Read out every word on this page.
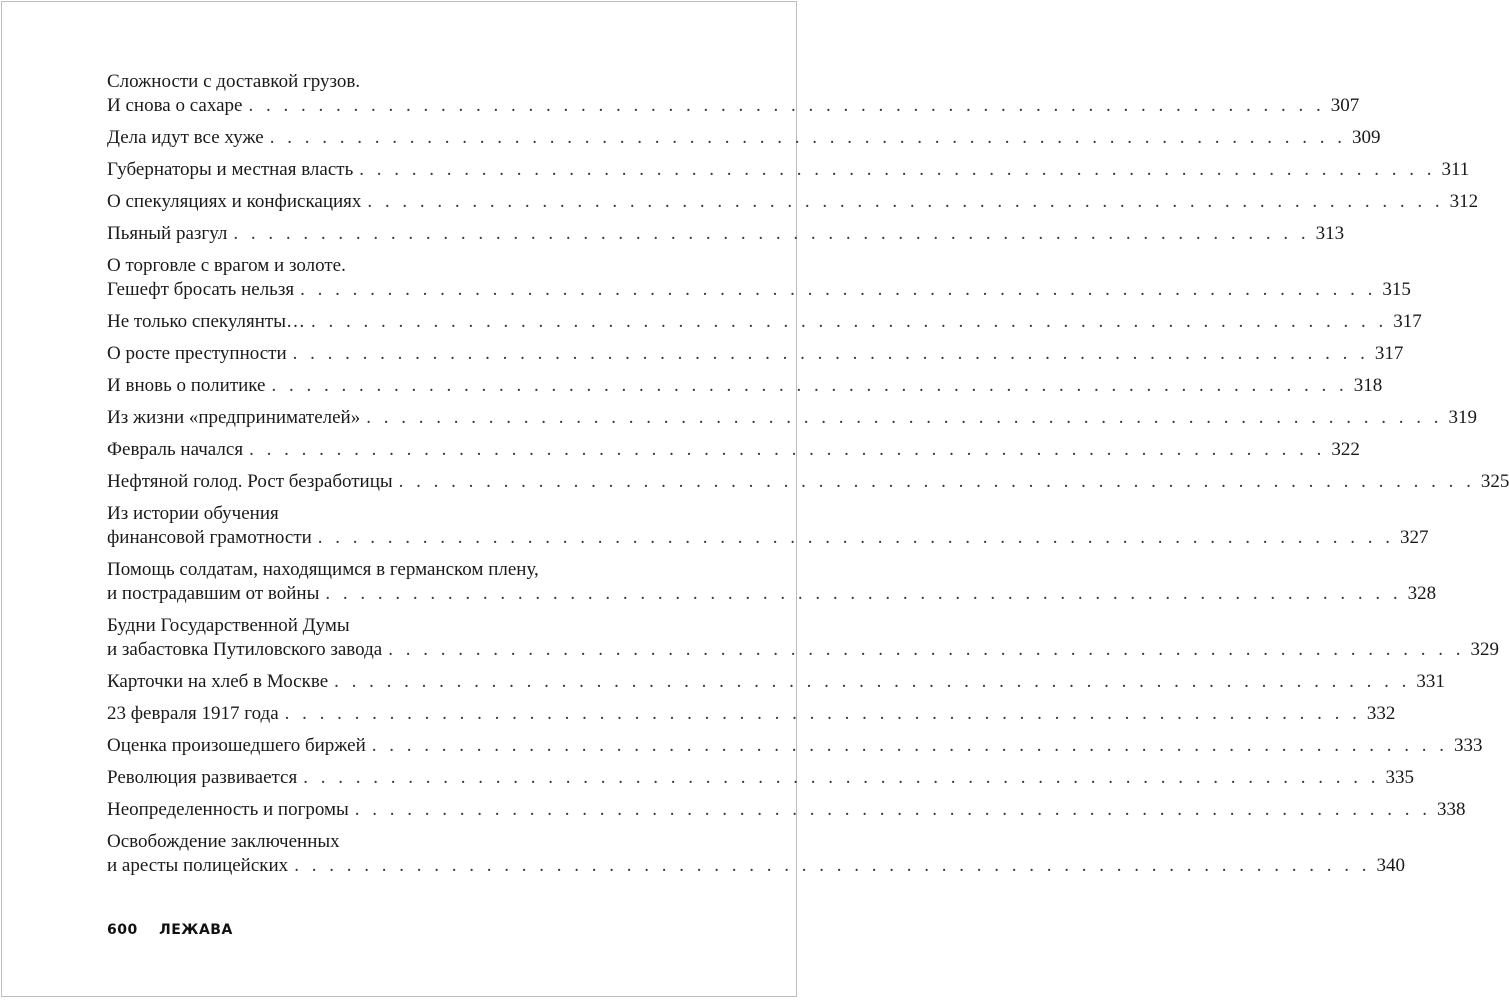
Сложности с доставкой грузов.
И снова о сахаре . . . . . . . . . . . . . . . . . . . . . . . . . . . . . . . . . . . . . . . . . . . . . . . . . . . . . . . . . . . . . . 307
Дела идут все хуже . . . . . . . . . . . . . . . . . . . . . . . . . . . . . . . . . . . . . . . . . . . . . . . . . . . . . . . . . . . . . . 309
Губернаторы и местная власть . . . . . . . . . . . . . . . . . . . . . . . . . . . . . . . . . . . . . . . . . . . . . . . . . . . . . . . . . . . . . . 311
О спекуляциях и конфискациях . . . . . . . . . . . . . . . . . . . . . . . . . . . . . . . . . . . . . . . . . . . . . . . . . . . . . . . . . . . . . . 312
Пьяный разгул . . . . . . . . . . . . . . . . . . . . . . . . . . . . . . . . . . . . . . . . . . . . . . . . . . . . . . . . . . . . . . 313
О торговле с врагом и золоте.
Гешефт бросать нельзя . . . . . . . . . . . . . . . . . . . . . . . . . . . . . . . . . . . . . . . . . . . . . . . . . . . . . . . . . . . . . . 315
Не только спекулянты… . . . . . . . . . . . . . . . . . . . . . . . . . . . . . . . . . . . . . . . . . . . . . . . . . . . . . . . . . . . . . . 317
О росте преступности . . . . . . . . . . . . . . . . . . . . . . . . . . . . . . . . . . . . . . . . . . . . . . . . . . . . . . . . . . . . . . 317
И вновь о политике . . . . . . . . . . . . . . . . . . . . . . . . . . . . . . . . . . . . . . . . . . . . . . . . . . . . . . . . . . . . . . 318
Из жизни «предпринимателей» . . . . . . . . . . . . . . . . . . . . . . . . . . . . . . . . . . . . . . . . . . . . . . . . . . . . . . . . . . . . . . 319
Февраль начался . . . . . . . . . . . . . . . . . . . . . . . . . . . . . . . . . . . . . . . . . . . . . . . . . . . . . . . . . . . . . . 322
Нефтяной голод. Рост безработицы . . . . . . . . . . . . . . . . . . . . . . . . . . . . . . . . . . . . . . . . . . . . . . . . . . . . . . . . . . . . . . 325
Из истории обучения
финансовой грамотности . . . . . . . . . . . . . . . . . . . . . . . . . . . . . . . . . . . . . . . . . . . . . . . . . . . . . . . . . . . . . . 327
Помощь солдатам, находящимся в германском плену,
и пострадавшим от войны . . . . . . . . . . . . . . . . . . . . . . . . . . . . . . . . . . . . . . . . . . . . . . . . . . . . . . . . . . . . . . 328
Будни Государственной Думы
и забастовка Путиловского завода . . . . . . . . . . . . . . . . . . . . . . . . . . . . . . . . . . . . . . . . . . . . . . . . . . . . . . . . . . . . . . 329
Карточки на хлеб в Москве . . . . . . . . . . . . . . . . . . . . . . . . . . . . . . . . . . . . . . . . . . . . . . . . . . . . . . . . . . . . . . 331
23 февраля 1917 года . . . . . . . . . . . . . . . . . . . . . . . . . . . . . . . . . . . . . . . . . . . . . . . . . . . . . . . . . . . . . . 332
Оценка произошедшего биржей . . . . . . . . . . . . . . . . . . . . . . . . . . . . . . . . . . . . . . . . . . . . . . . . . . . . . . . . . . . . . . 333
Революция развивается . . . . . . . . . . . . . . . . . . . . . . . . . . . . . . . . . . . . . . . . . . . . . . . . . . . . . . . . . . . . . . 335
Неопределенность и погромы . . . . . . . . . . . . . . . . . . . . . . . . . . . . . . . . . . . . . . . . . . . . . . . . . . . . . . . . . . . . . . 338
Освобождение заключенных
и аресты полицейских . . . . . . . . . . . . . . . . . . . . . . . . . . . . . . . . . . . . . . . . . . . . . . . . . . . . . . . . . . . . . . 340
600 ЛЕЖАВА
